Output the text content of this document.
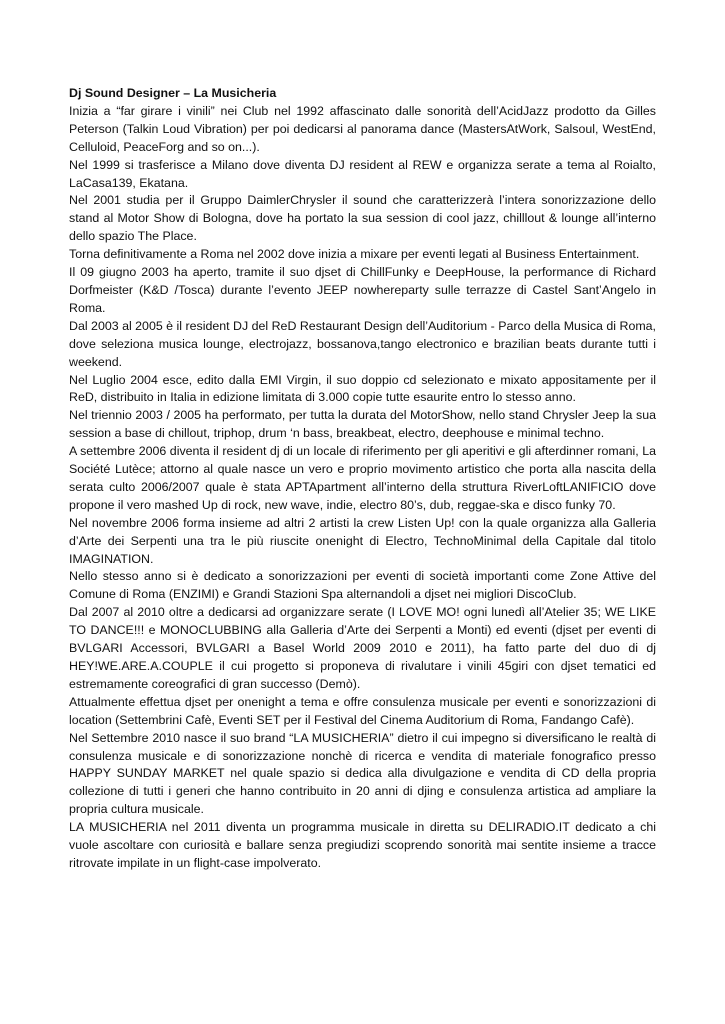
Dj Sound Designer – La Musicheria

Inizia a “far girare i vinili” nei Club nel 1992 affascinato dalle sonorità dell’AcidJazz prodotto da Gilles Peterson (Talkin Loud Vibration) per poi dedicarsi al panorama dance (MastersAtWork, Salsoul, WestEnd, Celluloid, PeaceForg and so on...).

Nel 1999 si trasferisce a Milano dove diventa DJ resident al REW e organizza serate a tema al Roialto, LaCasa139, Ekatana.

Nel 2001 studia per il Gruppo DaimlerChrysler il sound che caratterizzerà l’intera sonorizzazione dello stand al Motor Show di Bologna, dove ha portato la sua session di cool jazz, chilllout & lounge all’interno dello spazio The Place.

Torna definitivamente a Roma nel 2002 dove inizia a mixare per eventi legati al Business Entertainment.

Il 09 giugno 2003 ha aperto, tramite il suo djset di ChillFunky e DeepHouse, la performance di Richard Dorfmeister (K&D /Tosca) durante l’evento JEEP nowhereparty sulle terrazze di Castel Sant’Angelo in Roma.

Dal 2003 al 2005 è il resident DJ del ReD Restaurant Design dell’Auditorium - Parco della Musica di Roma, dove seleziona musica lounge, electrojazz, bossanova,tango electronico e brazilian beats durante tutti i weekend.

Nel Luglio 2004 esce, edito dalla EMI Virgin, il suo doppio cd selezionato e mixato appositamente per il ReD, distribuito in Italia in edizione limitata di 3.000 copie tutte esaurite entro lo stesso anno.

Nel triennio 2003 / 2005 ha performato, per tutta la durata del MotorShow, nello stand Chrysler Jeep la sua session a base di chillout, triphop, drum ‘n bass, breakbeat, electro, deephouse e minimal techno.

A settembre 2006 diventa il resident dj di un locale di riferimento per gli aperitivi e gli afterdinner romani, La Société Lutèce; attorno al quale nasce un vero e proprio movimento artistico che porta alla nascita della serata culto 2006/2007 quale è stata APTApartment all’interno della struttura RiverLoftLANIFICIO dove propone il vero mashed Up di rock, new wave, indie, electro 80’s, dub, reggae-ska e disco funky 70.

Nel novembre 2006 forma insieme ad altri 2 artisti la crew Listen Up! con la quale organizza alla Galleria d’Arte dei Serpenti una tra le più riuscite onenight di Electro, TechnoMinimal della Capitale dal titolo IMAGINATION.

Nello stesso anno si è dedicato a sonorizzazioni per eventi di società importanti come Zone Attive del Comune di Roma (ENZIMI) e Grandi Stazioni Spa alternandoli a djset nei migliori DiscoClub.

Dal 2007 al 2010 oltre a dedicarsi ad organizzare serate (I LOVE MO! ogni lunedì all’Atelier 35; WE LIKE TO DANCE!!! e MONOCLUBBING alla Galleria d’Arte dei Serpenti a Monti) ed eventi (djset per eventi di BVLGARI Accessori, BVLGARI a Basel World 2009 2010 e 2011), ha fatto parte del duo di dj HEY!WE.ARE.A.COUPLE il cui progetto si proponeva di rivalutare i vinili 45giri con djset tematici ed estremamente coreografici di gran successo (Demò).

Attualmente effettua djset per onenight a tema e offre consulenza musicale per eventi e sonorizzazioni di location (Settembrini Cafè, Eventi SET per il Festival del Cinema Auditorium di Roma, Fandango Cafè).

Nel Settembre 2010 nasce il suo brand “LA MUSICHERIA” dietro il cui impegno si diversificano le realtà di consulenza musicale e di sonorizzazione nonchè di ricerca e vendita di materiale fonografico presso HAPPY SUNDAY MARKET nel quale spazio si dedica alla divulgazione e vendita di CD della propria collezione di tutti i generi che hanno contribuito in 20 anni di djing e consulenza artistica ad ampliare la propria cultura musicale.

LA MUSICHERIA nel 2011 diventa un programma musicale in diretta su DELIRADIO.IT dedicato a chi vuole ascoltare con curiosità e ballare senza pregiudizi scoprendo sonorità mai sentite insieme a tracce ritrovate impilate in un flight-case impolverato.
